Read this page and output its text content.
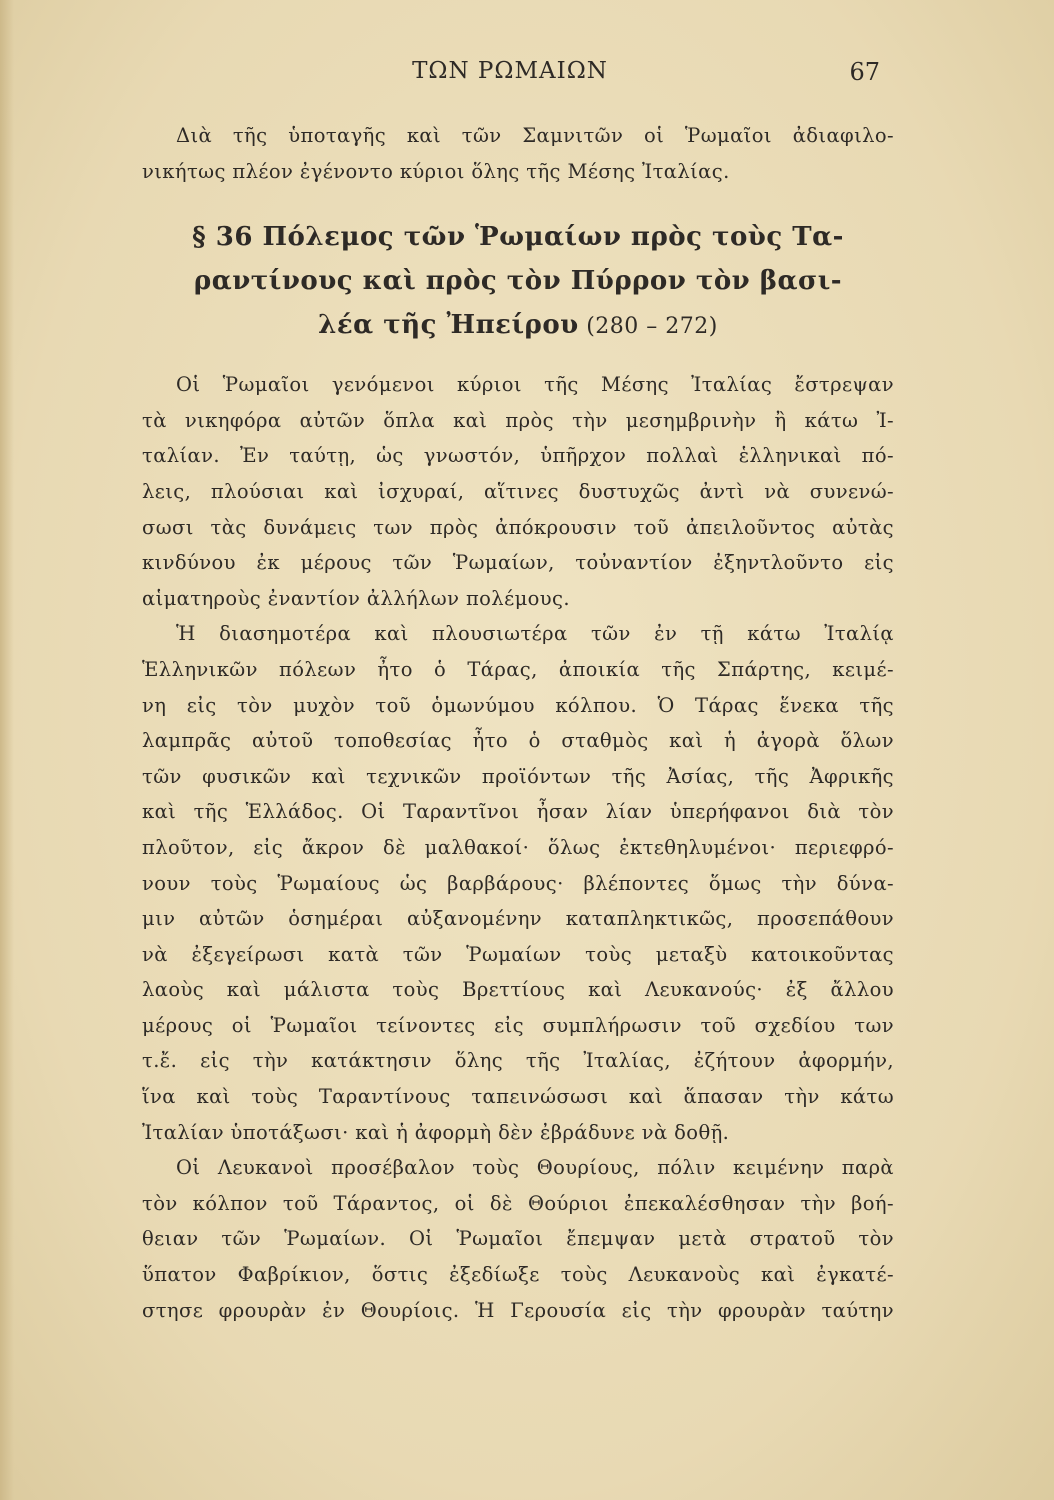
ΤΩΝ ΡΩΜΑΙΩΝ	67
Διὰ τῆς ὑποταγῆς καὶ τῶν Σαμνιτῶν οἱ Ῥωμαῖοι ἀδιαφιλο-
νικήτως πλέον ἐγένοντο κύριοι ὅλης τῆς Μέσης Ἰταλίας.
§ 36 Πόλεμος τῶν Ῥωμαίων πρὸς τοὺς Τα-
ραντίνους καὶ πρὸς τὸν Πύρρον τὸν βασι-
λέα τῆς Ἠπείρου (280 – 272)
Οἱ Ῥωμαῖοι γενόμενοι κύριοι τῆς Μέσης Ἰταλίας ἔστρεψαν
τὰ νικηφόρα αὐτῶν ὅπλα καὶ πρὸς τὴν μεσημβρινὴν ἢ κάτω Ἰ-
ταλίαν. Ἐν ταύτῃ, ὡς γνωστόν, ὑπῆρχον πολλαὶ ἑλληνικαὶ πό-
λεις, πλούσιαι καὶ ἰσχυραί, αἵτινες δυστυχῶς ἀντὶ νὰ συνενώ-
σωσι τὰς δυνάμεις των πρὸς ἀπόκρουσιν τοῦ ἀπειλοῦντος αὐτὰς
κινδύνου ἐκ μέρους τῶν Ῥωμαίων, τοὐναντίον ἐξηντλοῦντο εἰς
αἱματηροὺς ἐναντίον ἀλλήλων πολέμους.
Ἡ διασημοτέρα καὶ πλουσιωτέρα τῶν ἐν τῇ κάτω Ἰταλίᾳ
Ἑλληνικῶν πόλεων ἦτο ὁ Τάρας, ἀποικία τῆς Σπάρτης, κειμέ-
νη εἰς τὸν μυχὸν τοῦ ὁμωνύμου κόλπου. Ὁ Τάρας ἕνεκα τῆς
λαμπρᾶς αὐτοῦ τοποθεσίας ἦτο ὁ σταθμὸς καὶ ἡ ἀγορὰ ὅλων
τῶν φυσικῶν καὶ τεχνικῶν προϊόντων τῆς Ἀσίας, τῆς Ἀφρικῆς
καὶ τῆς Ἑλλάδος. Οἱ Ταραντῖνοι ἦσαν λίαν ὑπερήφανοι διὰ τὸν
πλοῦτον, εἰς ἄκρον δὲ μαλθακοί· ὅλως ἐκτεθηλυμένοι· περιεφρό-
νουν τοὺς Ῥωμαίους ὡς βαρβάρους· βλέποντες ὅμως τὴν δύνα-
μιν αὐτῶν ὁσημέραι αὐξανομένην καταπληκτικῶς, προσεπάθουν
νὰ ἐξεγείρωσι κατὰ τῶν Ῥωμαίων τοὺς μεταξὺ κατοικοῦντας
λαοὺς καὶ μάλιστα τοὺς Βρεττίους καὶ Λευκανούς· ἐξ ἄλλου
μέρους οἱ Ῥωμαῖοι τείνοντες εἰς συμπλήρωσιν τοῦ σχεδίου των
τ.ἔ. εἰς τὴν κατάκτησιν ὅλης τῆς Ἰταλίας, ἐζήτουν ἀφορμήν,
ἵνα καὶ τοὺς Ταραντίνους ταπεινώσωσι καὶ ἅπασαν τὴν κάτω
Ἰταλίαν ὑποτάξωσι· καὶ ἡ ἀφορμὴ δὲν ἐβράδυνε νὰ δοθῇ.
Οἱ Λευκανοὶ προσέβαλον τοὺς Θουρίους, πόλιν κειμένην παρὰ
τὸν κόλπον τοῦ Τάραντος, οἱ δὲ Θούριοι ἐπεκαλέσθησαν τὴν βοή-
θειαν τῶν Ῥωμαίων. Οἱ Ῥωμαῖοι ἔπεμψαν μετὰ στρατοῦ τὸν
ὕπατον Φαβρίκιον, ὅστις ἐξεδίωξε τοὺς Λευκανοὺς καὶ ἐγκατέ-
στησε φρουρὰν ἐν Θουρίοις. Ἡ Γερουσία εἰς τὴν φρουρὰν ταύτην
